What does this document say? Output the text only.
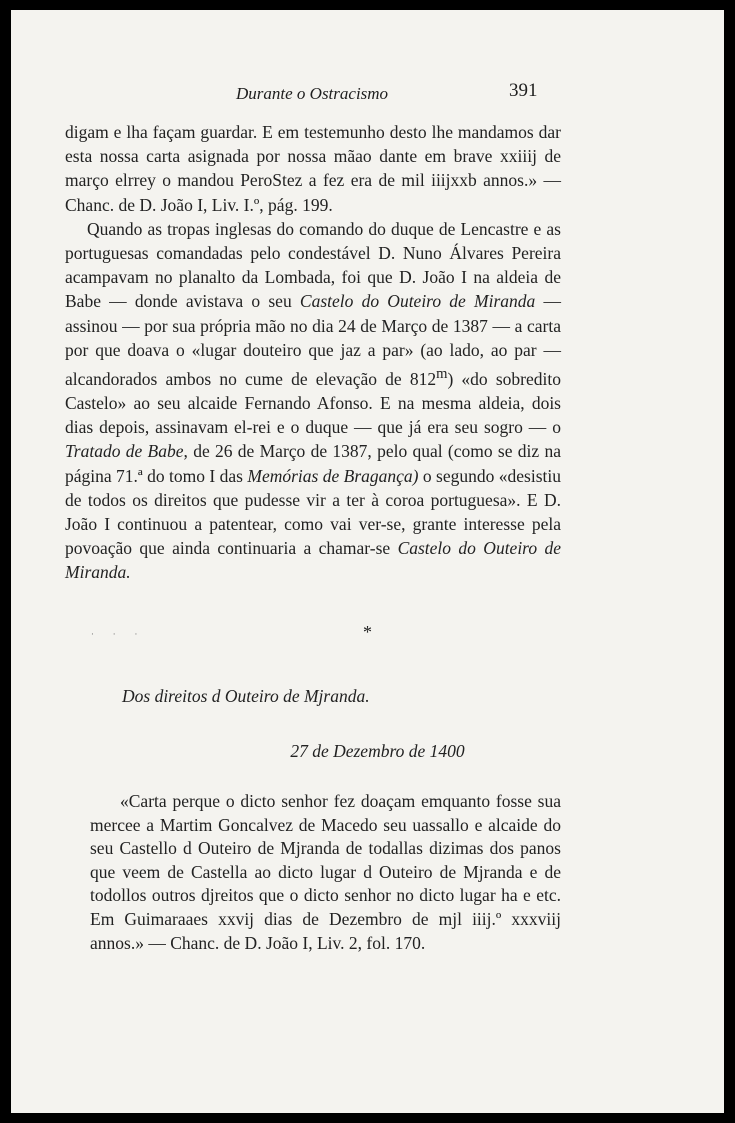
Durante o Ostracismo	391

digam e lha façam guardar. E em testemunho desto lhe mandamos dar esta nossa carta asignada por nossa mãao dante em brave xxiiij de março elrrey o mandou PeroStez a fez era de mil iiijxxb annos.» — Chanc. de D. João I, Liv. I.º, pág. 199.

Quando as tropas inglesas do comando do duque de Lencastre e as portuguesas comandadas pelo condestável D. Nuno Álvares Pereira acampavam no planalto da Lombada, foi que D. João I na aldeia de Babe — donde avistava o seu Castelo do Outeiro de Miranda — assinou — por sua própria mão no dia 24 de Março de 1387 — a carta por que doava o «lugar douteiro que jaz a par» (ao lado, ao par — alcandorados ambos no cume de elevação de 812$^m$) «do sobredito Castelo» ao seu alcaide Fernando Afonso. E na mesma aldeia, dois dias depois, assinavam el-rei e o duque — que já era seu sogro — o Tratado de Babe, de 26 de Março de 1387, pelo qual (como se diz na página 71.ª do tomo I das Memórias de Bragança) o segundo «desistiu de todos os direitos que pudesse vir a ter à coroa portuguesa». E D. João I continuou a patentear, como vai ver-se, grante interesse pela povoação que ainda continuaria a chamar-se Castelo do Outeiro de Miranda.

· · ·	*
Dos direitos d Outeiro de Mjranda.
27 de Dezembro de 1400

«Carta perque o dicto senhor fez doaçam emquanto fosse sua mercee a Martim Goncalvez de Macedo seu uassallo e alcaide do seu Castello d Outeiro de Mjranda de todallas dizimas dos panos que veem de Castella ao dicto lugar d Outeiro de Mjranda e de todollos outros djreitos que o dicto senhor no dicto lugar ha e etc. Em Guimaraaes xxvij dias de Dezembro de mjl iiij.º xxxviij annos.» — Chanc. de D. João I, Liv. 2, fol. 170.
